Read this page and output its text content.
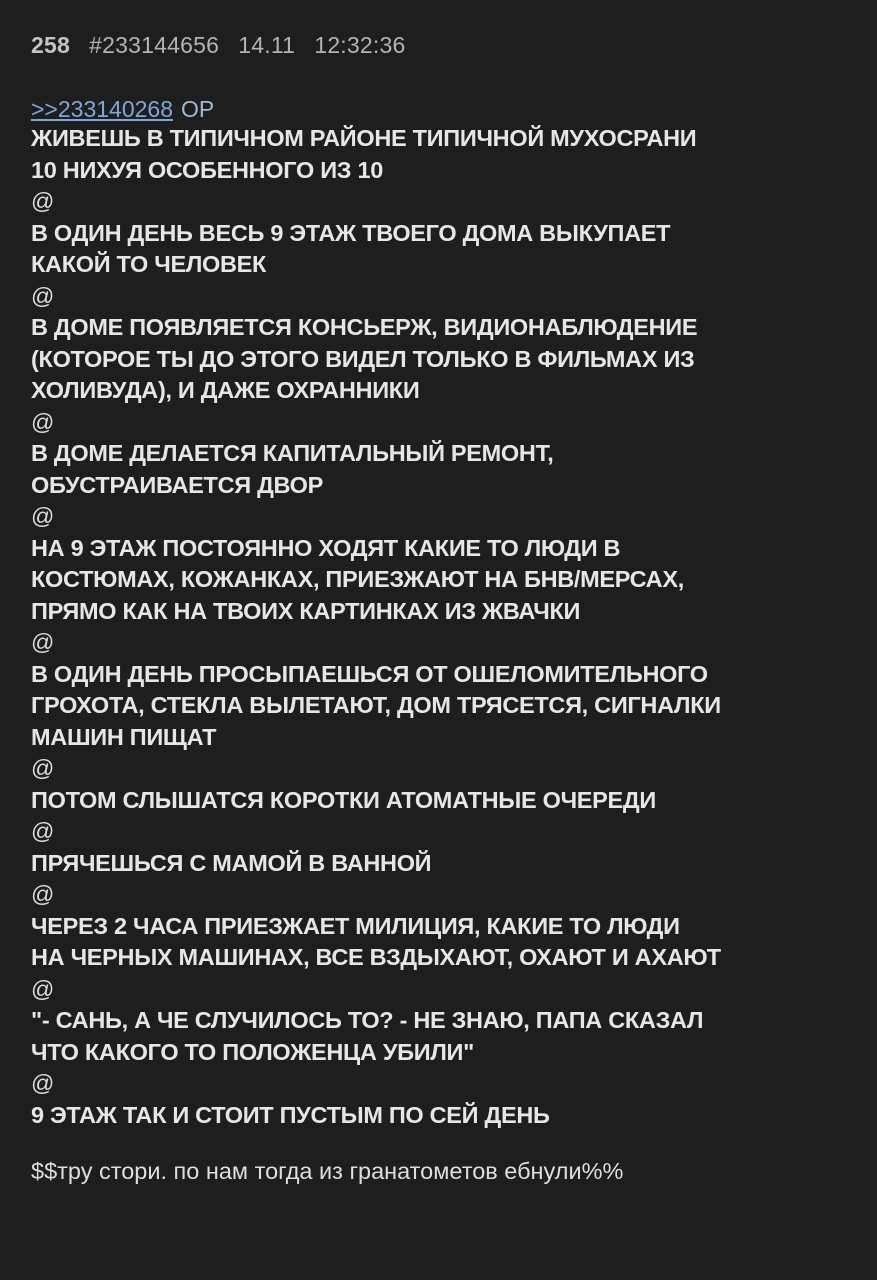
258 #233144656 14.11 12:32:36
>>233140268 OP
ЖИВЕШЬ В ТИПИЧНОМ РАЙОНЕ ТИПИЧНОЙ МУХОСРАНИ
10 НИХУЯ ОСОБЕННОГО ИЗ 10
@
В ОДИН ДЕНЬ ВЕСЬ 9 ЭТАЖ ТВОЕГО ДОМА ВЫКУПАЕТ
КАКОЙ ТО ЧЕЛОВЕК
@
В ДОМЕ ПОЯВЛЯЕТСЯ КОНСЬЕРЖ, ВИДИОНАБЛЮДЕНИЕ
(КОТОРОЕ ТЫ ДО ЭТОГО ВИДЕЛ ТОЛЬКО В ФИЛЬМАХ ИЗ
ХОЛИВУДА), И ДАЖЕ ОХРАННИКИ
@
В ДОМЕ ДЕЛАЕТСЯ КАПИТАЛЬНЫЙ РЕМОНТ,
ОБУСТРАИВАЕТСЯ ДВОР
@
НА 9 ЭТАЖ ПОСТОЯННО ХОДЯТ КАКИЕ ТО ЛЮДИ В
КОСТЮМАХ, КОЖАНКАХ, ПРИЕЗЖАЮТ НА БНВ/МЕРСАХ,
ПРЯМО КАК НА ТВОИХ КАРТИНКАХ ИЗ ЖВАЧКИ
@
В ОДИН ДЕНЬ ПРОСЫПАЕШЬСЯ ОТ ОШЕЛОМИТЕЛЬНОГО
ГРОХОТА, СТЕКЛА ВЫЛЕТАЮТ, ДОМ ТРЯСЕТСЯ, СИГНАЛКИ
МАШИН ПИЩАТ
@
ПОТОМ СЛЫШАТСЯ КОРОТКИ АТОМАТНЫЕ ОЧЕРЕДИ
@
ПРЯЧЕШЬСЯ С МАМОЙ В ВАННОЙ
@
ЧЕРЕЗ 2 ЧАСА ПРИЕЗЖАЕТ МИЛИЦИЯ, КАКИЕ ТО ЛЮДИ
НА ЧЕРНЫХ МАШИНАХ, ВСЕ ВЗДЫХАЮТ, ОХАЮТ И АХАЮТ
@
"- САНЬ, А ЧЕ СЛУЧИЛОСЬ ТО? - НЕ ЗНАЮ, ПАПА СКАЗАЛ
ЧТО КАКОГО ТО ПОЛОЖЕНЦА УБИЛИ"
@
9 ЭТАЖ ТАК И СТОИТ ПУСТЫМ ПО СЕЙ ДЕНЬ
$$тру стори. по нам тогда из гранатометов ебнули%%
